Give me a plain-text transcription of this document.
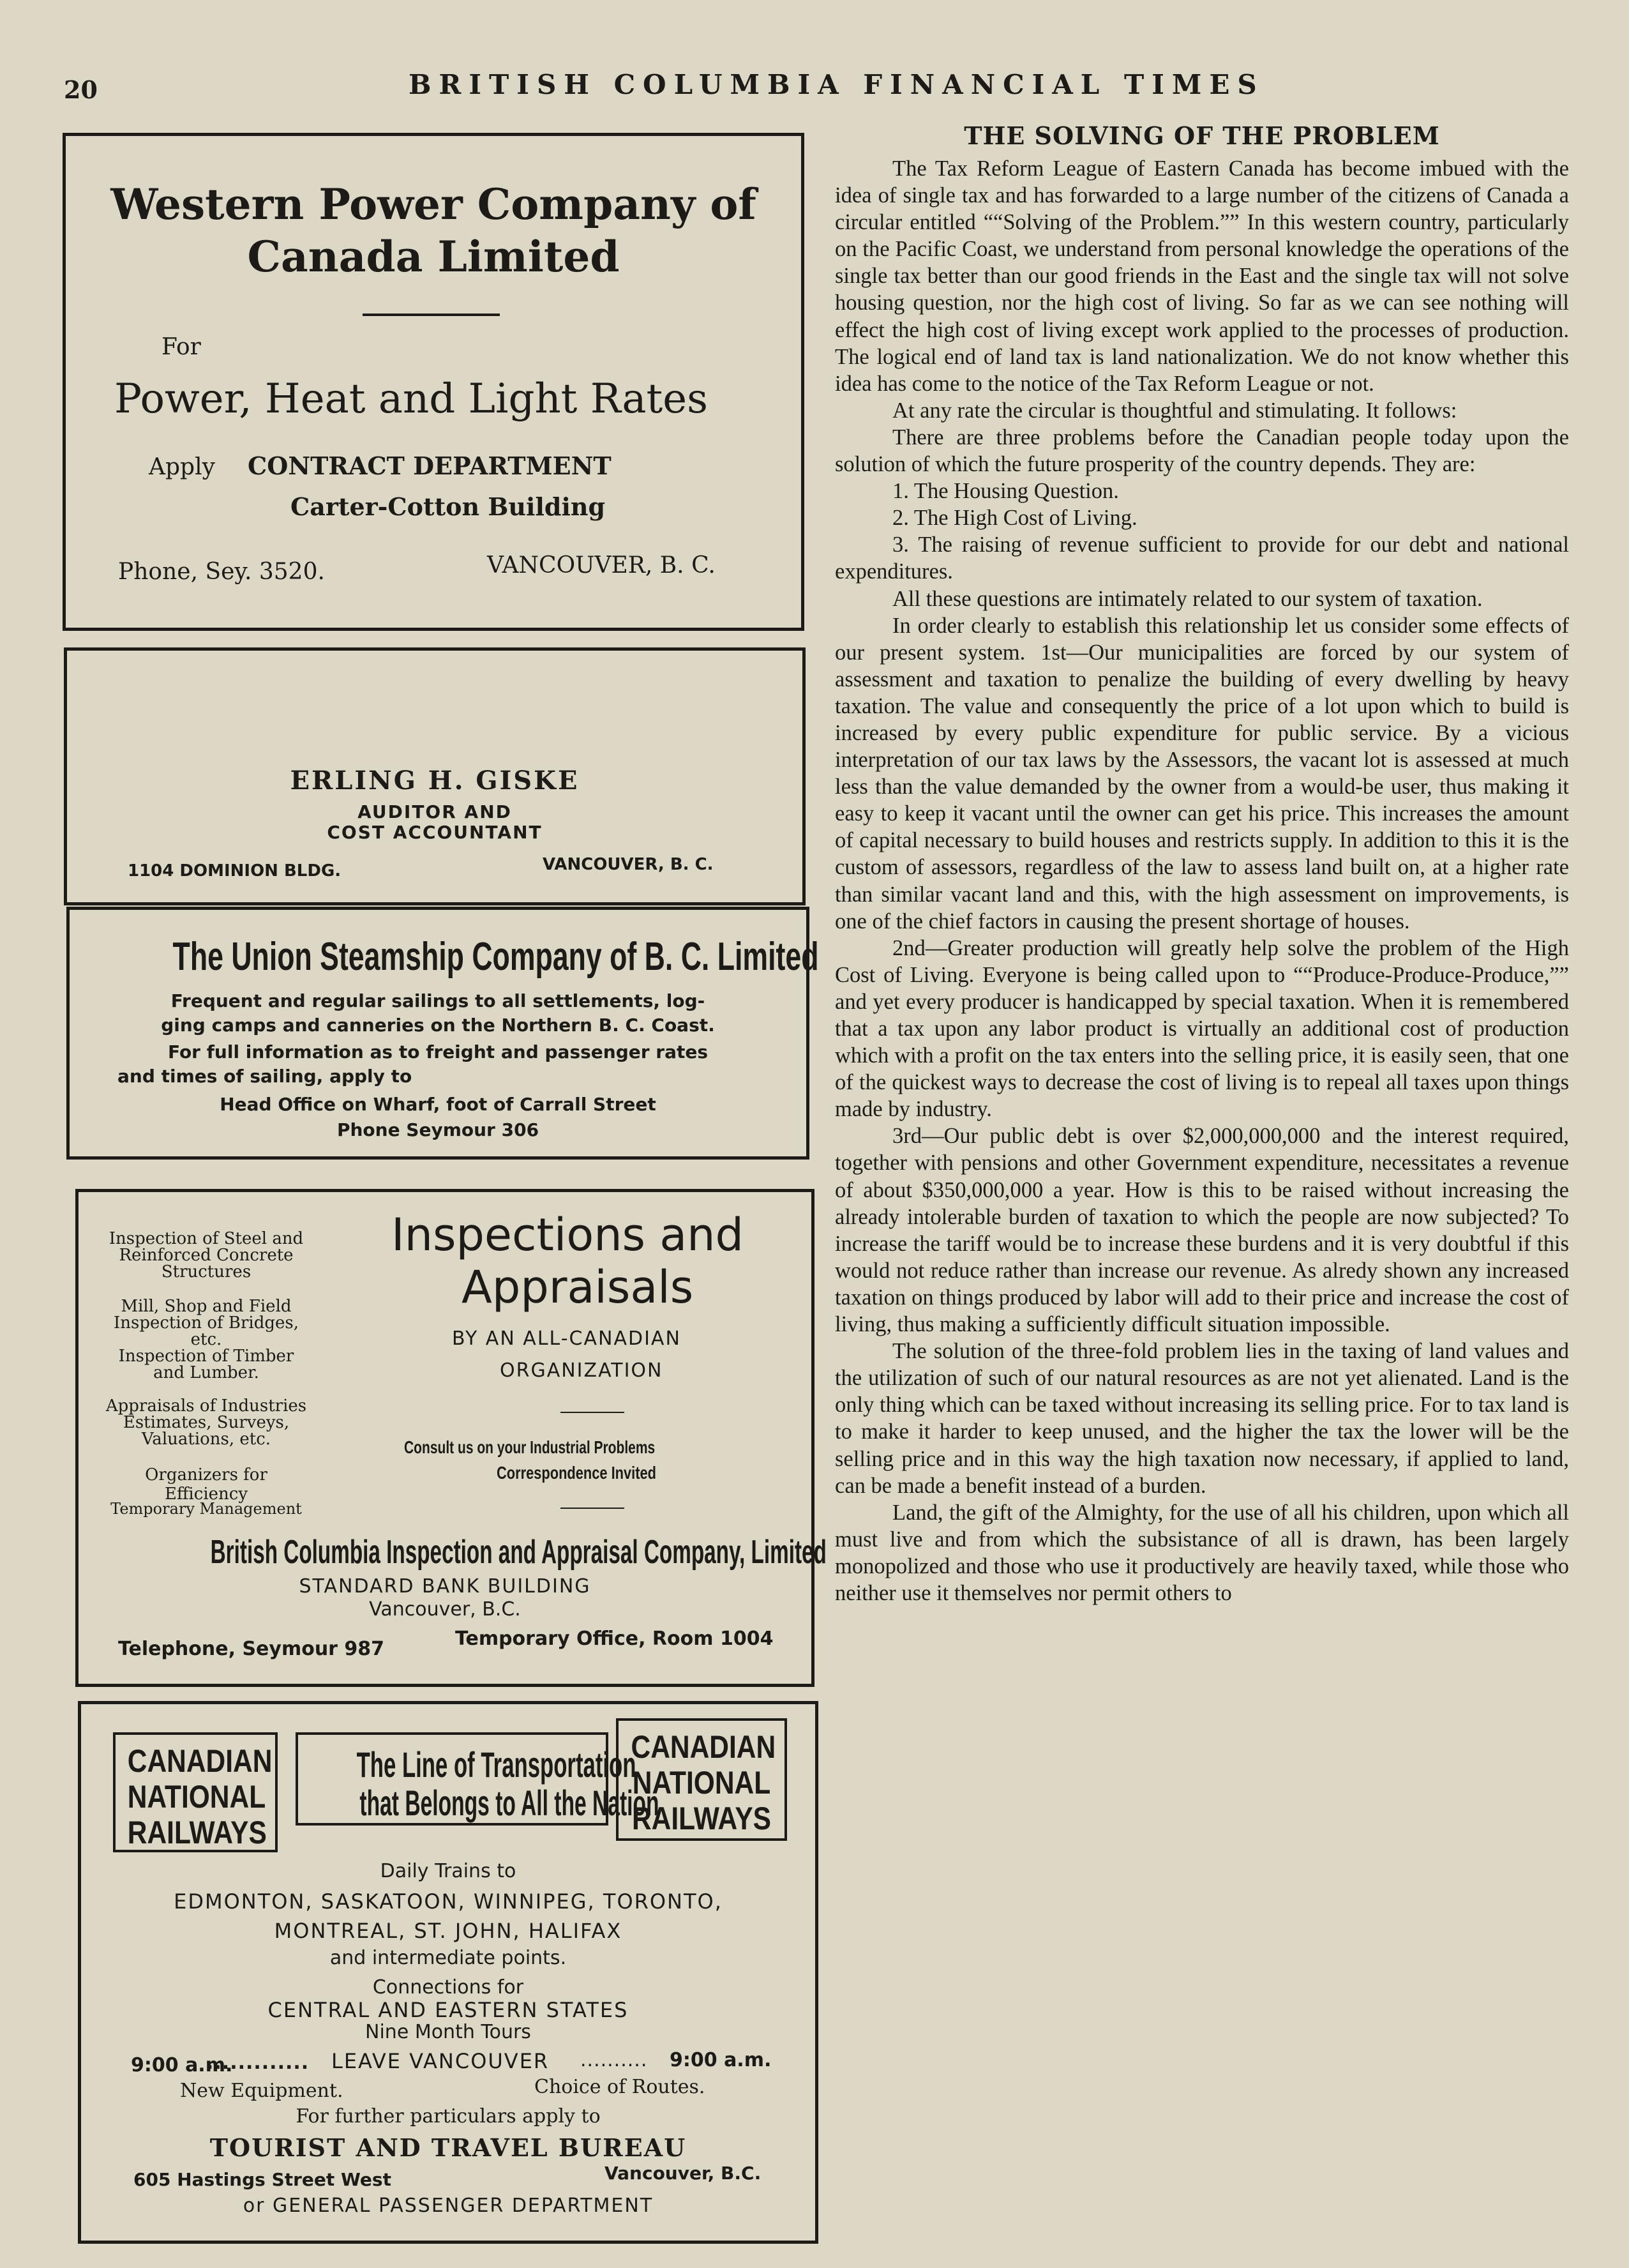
20	BRITISH COLUMBIA FINANCIAL TIMES
Western Power Company of
Canada Limited
For
Power, Heat and Light Rates
Apply CONTRACT DEPARTMENT
Carter-Cotton Building
Phone, Sey. 3520.	VANCOUVER, B. C.
ERLING H. GISKE
AUDITOR AND
COST ACCOUNTANT
1104 DOMINION BLDG.	VANCOUVER, B. C.
The Union Steamship Company of B. C. Limited
Frequent and regular sailings to all settlements, log-
ging camps and canneries on the Northern B. C. Coast.
For full information as to freight and passenger rates
and times of sailing, apply to
Head Office on Wharf, foot of Carrall Street
Phone Seymour 306
Inspection of Steel and Reinforced Concrete Structures
Mill, Shop and Field Inspection of Bridges, etc.
Inspection of Timber and Lumber.
Appraisals of Industries Estimates, Surveys, Valuations, etc.
Organizers for Efficiency
Temporary Management
Inspections and
Appraisals
BY AN ALL-CANADIAN
ORGANIZATION
Consult us on your Industrial Problems
Correspondence Invited
British Columbia Inspection and Appraisal Company, Limited
STANDARD BANK BUILDING
Vancouver, B.C.
Telephone, Seymour 987	Temporary Office, Room 1004
CANADIAN
NATIONAL
RAILWAYS
The Line of Transportation
that Belongs to All the Nation
CANADIAN
NATIONAL
RAILWAYS
Daily Trains to
EDMONTON, SASKATOON, WINNIPEG, TORONTO,
MONTREAL, ST. JOHN, HALIFAX
and intermediate points.
Connections for
CENTRAL AND EASTERN STATES
Nine Month Tours
9:00 a.m.
............. LEAVE VANCOUVER .......... 9:00 a.m.
New Equipment.	Choice of Routes.
For further particulars apply to
TOURIST AND TRAVEL BUREAU
605 Hastings Street West	Vancouver, B.C.
or GENERAL PASSENGER DEPARTMENT
THE SOLVING OF THE PROBLEM

The Tax Reform League of Eastern Canada has become imbued with the idea of single tax and has forwarded to a large number of the citizens of Canada a circular entitled ““Solving of the Problem.”” In this western country, particularly on the Pacific Coast, we understand from personal knowledge the operations of the single tax better than our good friends in the East and the single tax will not solve housing question, nor the high cost of living. So far as we can see nothing will effect the high cost of living except work applied to the processes of production. The logical end of land tax is land nationalization. We do not know whether this idea has come to the notice of the Tax Reform League or not.

At any rate the circular is thoughtful and stimulating. It follows:

There are three problems before the Canadian people today upon the solution of which the future prosperity of the country depends. They are:

1. The Housing Question.

2. The High Cost of Living.

3. The raising of revenue sufficient to provide for our debt and national expenditures.

All these questions are intimately related to our system of taxation.

In order clearly to establish this relationship let us consider some effects of our present system. 1st—Our municipalities are forced by our system of assessment and taxation to penalize the building of every dwelling by heavy taxation. The value and consequently the price of a lot upon which to build is increased by every public expenditure for public service. By a vicious interpretation of our tax laws by the Assessors, the vacant lot is assessed at much less than the value demanded by the owner from a would-be user, thus making it easy to keep it vacant until the owner can get his price. This increases the amount of capital necessary to build houses and restricts supply. In addition to this it is the custom of assessors, regardless of the law to assess land built on, at a higher rate than similar vacant land and this, with the high assessment on improvements, is one of the chief factors in causing the present shortage of houses.

2nd—Greater production will greatly help solve the problem of the High Cost of Living. Everyone is being called upon to ““Produce-Produce-Produce,”” and yet every producer is handicapped by special taxation. When it is remembered that a tax upon any labor product is virtually an additional cost of production which with a profit on the tax enters into the selling price, it is easily seen, that one of the quickest ways to decrease the cost of living is to repeal all taxes upon things made by industry.

3rd—Our public debt is over $2,000,000,000 and the interest required, together with pensions and other Government expenditure, necessitates a revenue of about $350,000,000 a year. How is this to be raised without increasing the already intolerable burden of taxation to which the people are now subjected? To increase the tariff would be to increase these burdens and it is very doubtful if this would not reduce rather than increase our revenue. As alredy shown any increased taxation on things produced by labor will add to their price and increase the cost of living, thus making a sufficiently difficult situation impossible.

The solution of the three-fold problem lies in the taxing of land values and the utilization of such of our natural resources as are not yet alienated. Land is the only thing which can be taxed without increasing its selling price. For to tax land is to make it harder to keep unused, and the higher the tax the lower will be the selling price and in this way the high taxation now necessary, if applied to land, can be made a benefit instead of a burden.

Land, the gift of the Almighty, for the use of all his children, upon which all must live and from which the subsistance of all is drawn, has been largely monopolized and those who use it productively are heavily taxed, while those who neither use it themselves nor permit others to
